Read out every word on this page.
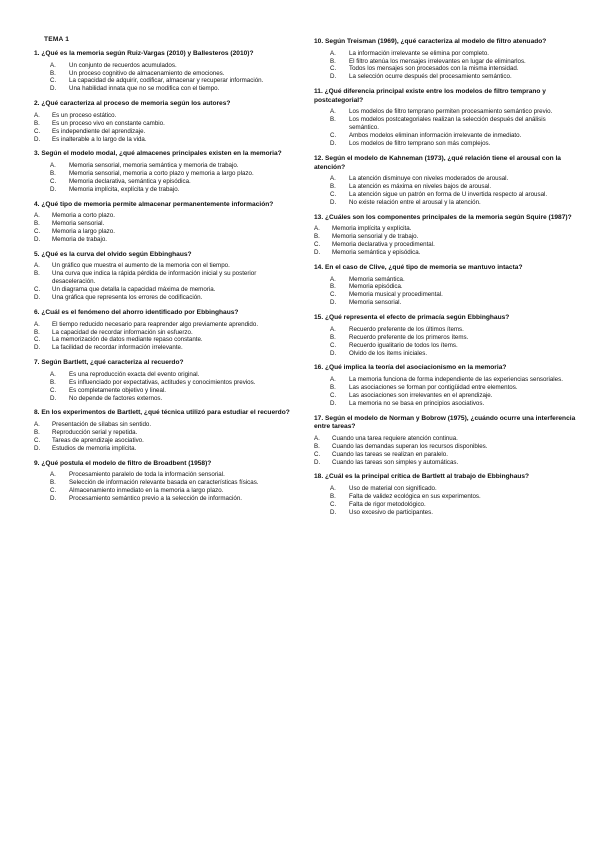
TEMA 1
1. ¿Qué es la memoria según Ruiz-Vargas (2010) y Ballesteros (2010)?
A.	Un conjunto de recuerdos acumulados.
B.	Un proceso cognitivo de almacenamiento de emociones.
C.	La capacidad de adquirir, codificar, almacenar y recuperar información.
D.	Una habilidad innata que no se modifica con el tiempo.
2. ¿Qué caracteriza al proceso de memoria según los autores?
A.	Es un proceso estático.
B.	Es un proceso vivo en constante cambio.
C.	Es independiente del aprendizaje.
D.	Es inalterable a lo largo de la vida.
3. Según el modelo modal, ¿qué almacenes principales existen en la memoria?
A.	Memoria sensorial, memoria semántica y memoria de trabajo.
B.	Memoria sensorial, memoria a corto plazo y memoria a largo plazo.
C.	Memoria declarativa, semántica y episódica.
D.	Memoria implícita, explícita y de trabajo.
4. ¿Qué tipo de memoria permite almacenar permanentemente información?
A.	Memoria a corto plazo.
B.	Memoria sensorial.
C.	Memoria a largo plazo.
D.	Memoria de trabajo.
5. ¿Qué es la curva del olvido según Ebbinghaus?
A.	Un gráfico que muestra el aumento de la memoria con el tiempo.
B.	Una curva que indica la rápida pérdida de información inicial y su posterior desaceleración.
C.	Un diagrama que detalla la capacidad máxima de memoria.
D.	Una gráfica que representa los errores de codificación.
6. ¿Cuál es el fenómeno del ahorro identificado por Ebbinghaus?
A.	El tiempo reducido necesario para reaprender algo previamente aprendido.
B.	La capacidad de recordar información sin esfuerzo.
C.	La memorización de datos mediante repaso constante.
D.	La facilidad de recordar información irrelevante.
7. Según Bartlett, ¿qué caracteriza al recuerdo?
A.	Es una reproducción exacta del evento original.
B.	Es influenciado por expectativas, actitudes y conocimientos previos.
C.	Es completamente objetivo y lineal.
D.	No depende de factores externos.
8. En los experimentos de Bartlett, ¿qué técnica utilizó para estudiar el recuerdo?
A.	Presentación de sílabas sin sentido.
B.	Reproducción serial y repetida.
C.	Tareas de aprendizaje asociativo.
D.	Estudios de memoria implícita.
9. ¿Qué postula el modelo de filtro de Broadbent (1958)?
A.	Procesamiento paralelo de toda la información sensorial.
B.	Selección de información relevante basada en características físicas.
C.	Almacenamiento inmediato en la memoria a largo plazo.
D.	Procesamiento semántico previo a la selección de información.
10. Según Treisman (1969), ¿qué caracteriza al modelo de filtro atenuado?
A.	La información irrelevante se elimina por completo.
B.	El filtro atenúa los mensajes irrelevantes en lugar de eliminarlos.
C.	Todos los mensajes son procesados con la misma intensidad.
D.	La selección ocurre después del procesamiento semántico.
11. ¿Qué diferencia principal existe entre los modelos de filtro temprano y postcategorial?
A.	Los modelos de filtro temprano permiten procesamiento semántico previo.
B.	Los modelos postcategoriales realizan la selección después del análisis semántico.
C.	Ambos modelos eliminan información irrelevante de inmediato.
D.	Los modelos de filtro temprano son más complejos.
12. Según el modelo de Kahneman (1973), ¿qué relación tiene el arousal con la atención?
A.	La atención disminuye con niveles moderados de arousal.
B.	La atención es máxima en niveles bajos de arousal.
C.	La atención sigue un patrón en forma de U invertida respecto al arousal.
D.	No existe relación entre el arousal y la atención.
13. ¿Cuáles son los componentes principales de la memoria según Squire (1987)?
A.	Memoria implícita y explícita.
B.	Memoria sensorial y de trabajo.
C.	Memoria declarativa y procedimental.
D.	Memoria semántica y episódica.
14. En el caso de Clive, ¿qué tipo de memoria se mantuvo intacta?
A.	Memoria semántica.
B.	Memoria episódica.
C.	Memoria musical y procedimental.
D.	Memoria sensorial.
15. ¿Qué representa el efecto de primacía según Ebbinghaus?
A.	Recuerdo preferente de los últimos ítems.
B.	Recuerdo preferente de los primeros ítems.
C.	Recuerdo igualitario de todos los ítems.
D.	Olvido de los ítems iniciales.
16. ¿Qué implica la teoría del asociacionismo en la memoria?
A.	La memoria funciona de forma independiente de las experiencias sensoriales.
B.	Las asociaciones se forman por contigüidad entre elementos.
C.	Las asociaciones son irrelevantes en el aprendizaje.
D.	La memoria no se basa en principios asociativos.
17. Según el modelo de Norman y Bobrow (1975), ¿cuándo ocurre una interferencia entre tareas?
A.	Cuando una tarea requiere atención continua.
B.	Cuando las demandas superan los recursos disponibles.
C.	Cuando las tareas se realizan en paralelo.
D.	Cuando las tareas son simples y automáticas.
18. ¿Cuál es la principal crítica de Bartlett al trabajo de Ebbinghaus?
A.	Uso de material con significado.
B.	Falta de validez ecológica en sus experimentos.
C.	Falta de rigor metodológico.
D.	Uso excesivo de participantes.
